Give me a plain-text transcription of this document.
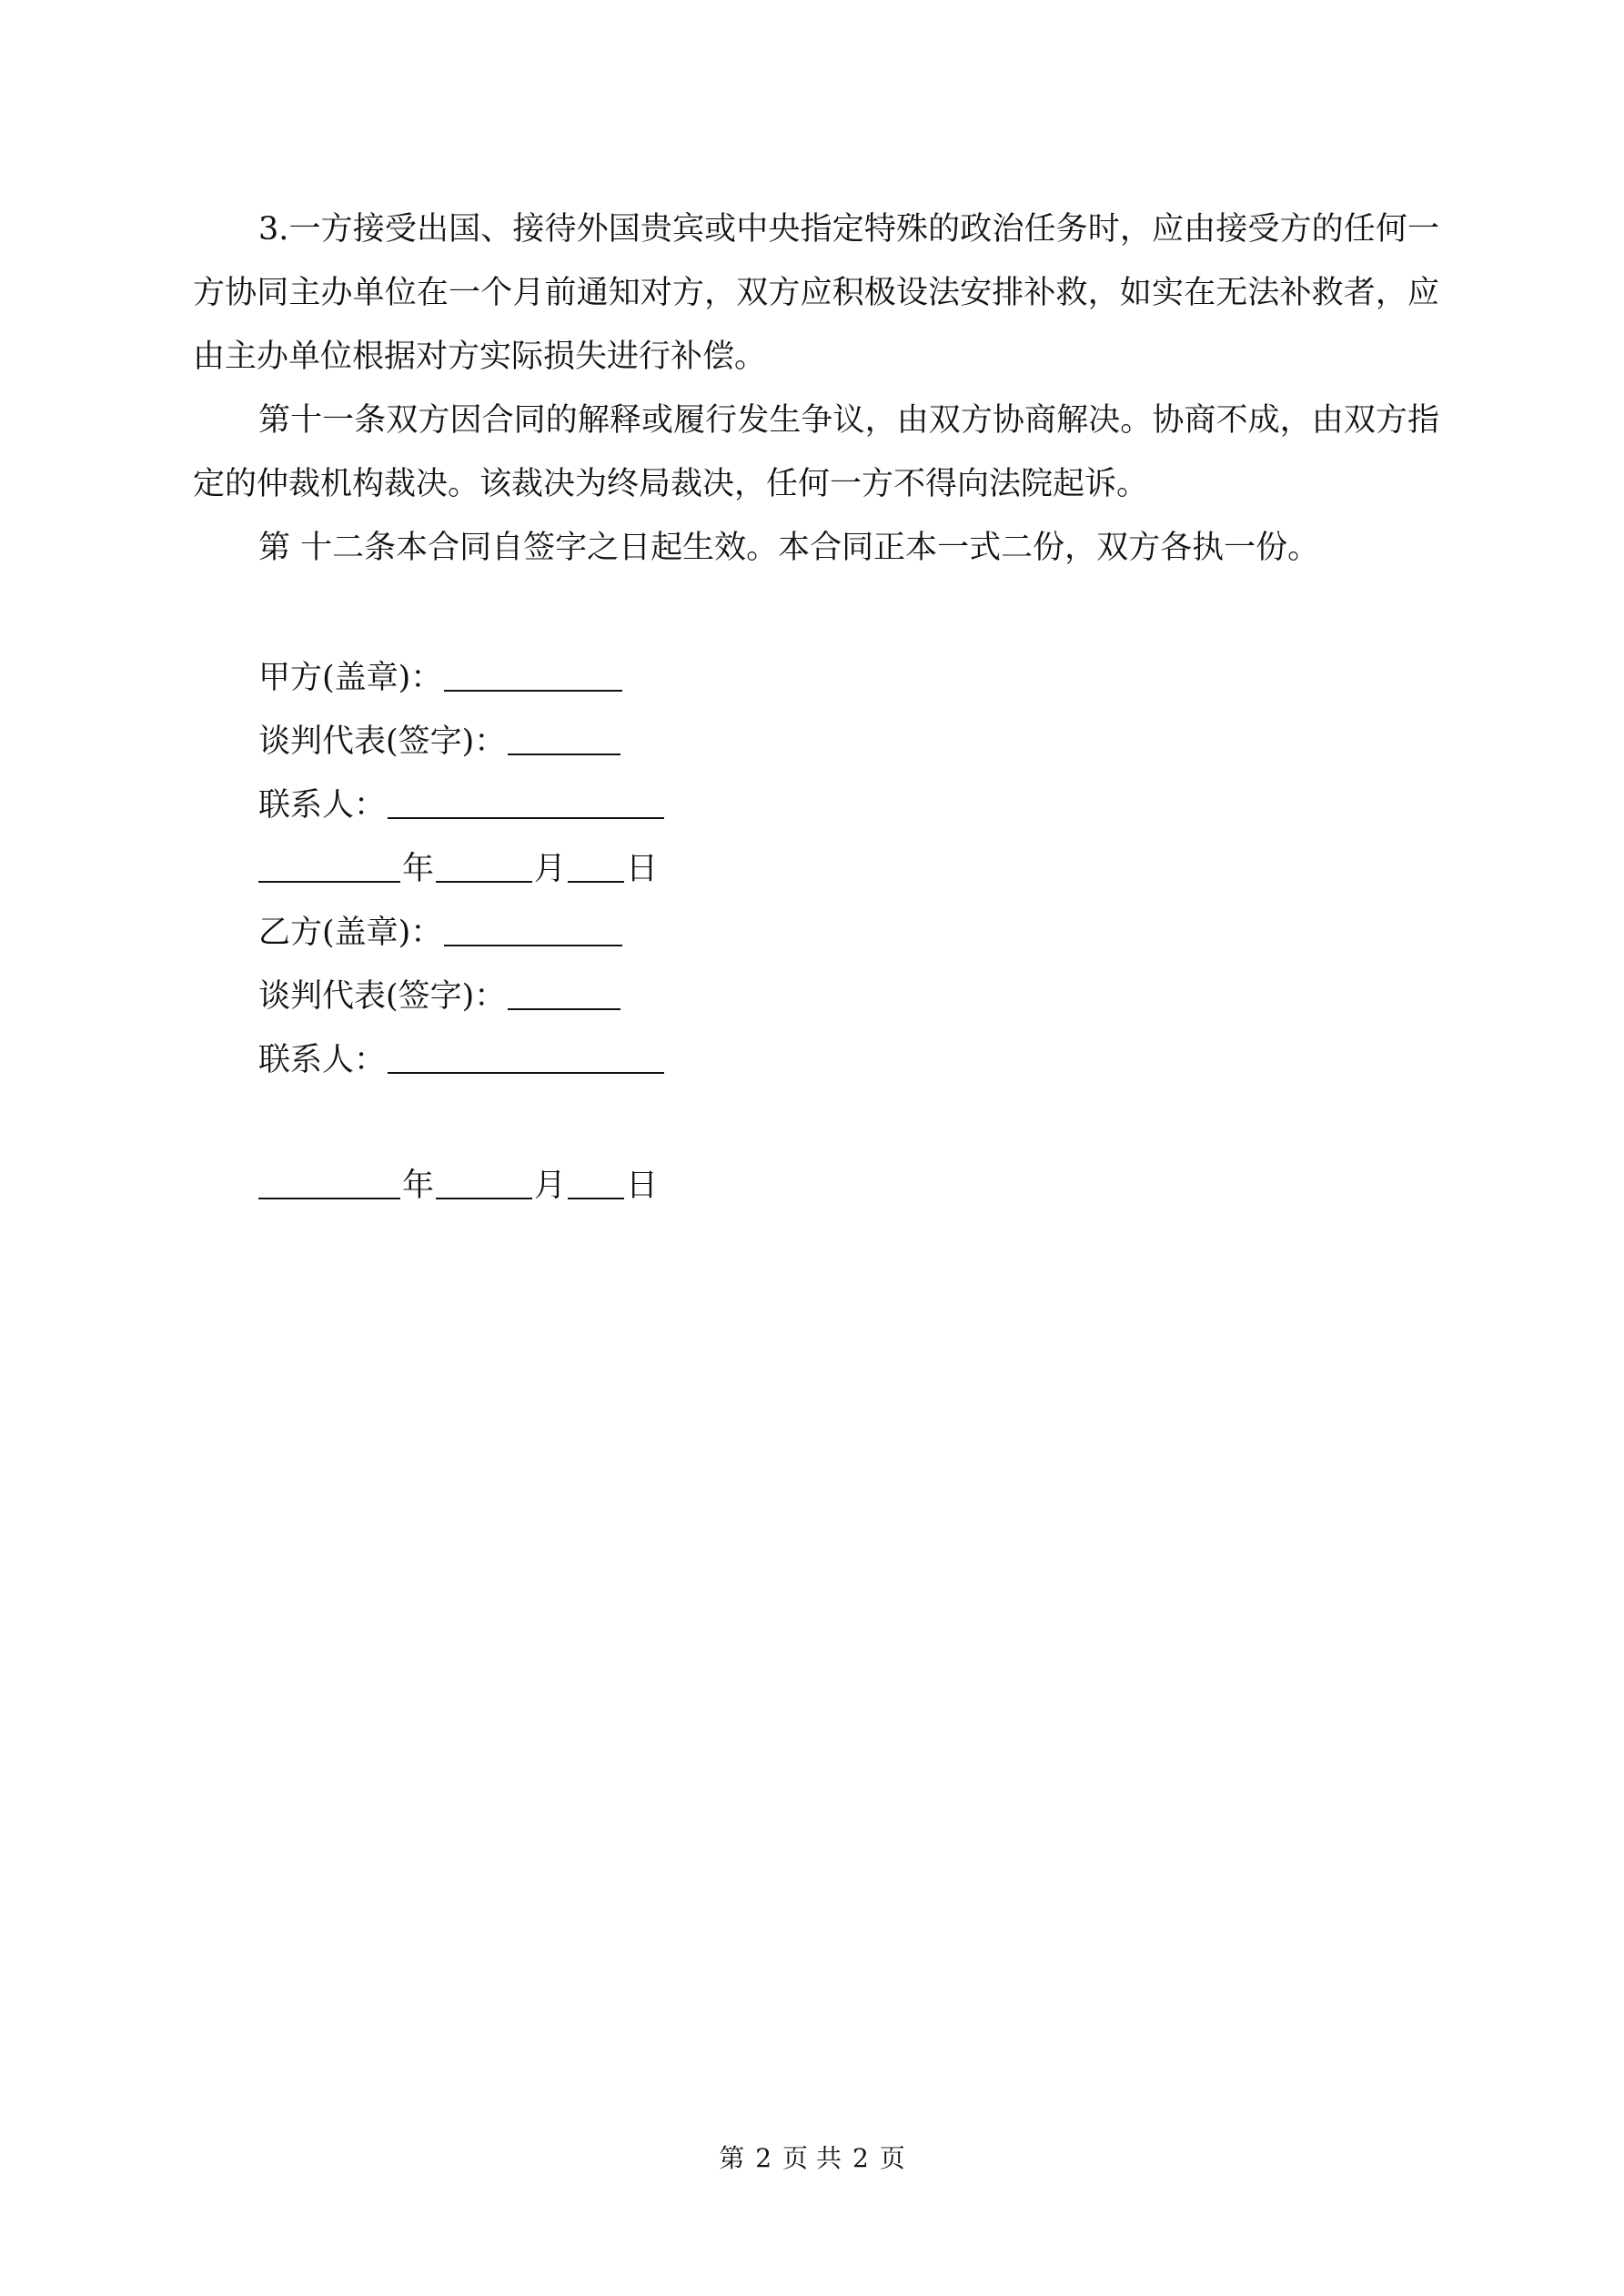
3.一方接受出国、接待外国贵宾或中央指定特殊的政治任务时，应由接受方的任何一方协同主办单位在一个月前通知对方，双方应积极设法安排补救，如实在无法补救者，应由主办单位根据对方实际损失进行补偿。

第十一条双方因合同的解释或履行发生争议，由双方协商解决。协商不成，由双方指定的仲裁机构裁决。该裁决为终局裁决，任何一方不得向法院起诉。

第 十二条本合同自签字之日起生效。本合同正本一式二份，双方各执一份。

甲方(盖章)：

谈判代表(签字)：

联系人：

年	月 日

乙方(盖章)：

谈判代表(签字)：

联系人：

年	月 日

第 2 页 共 2 页
